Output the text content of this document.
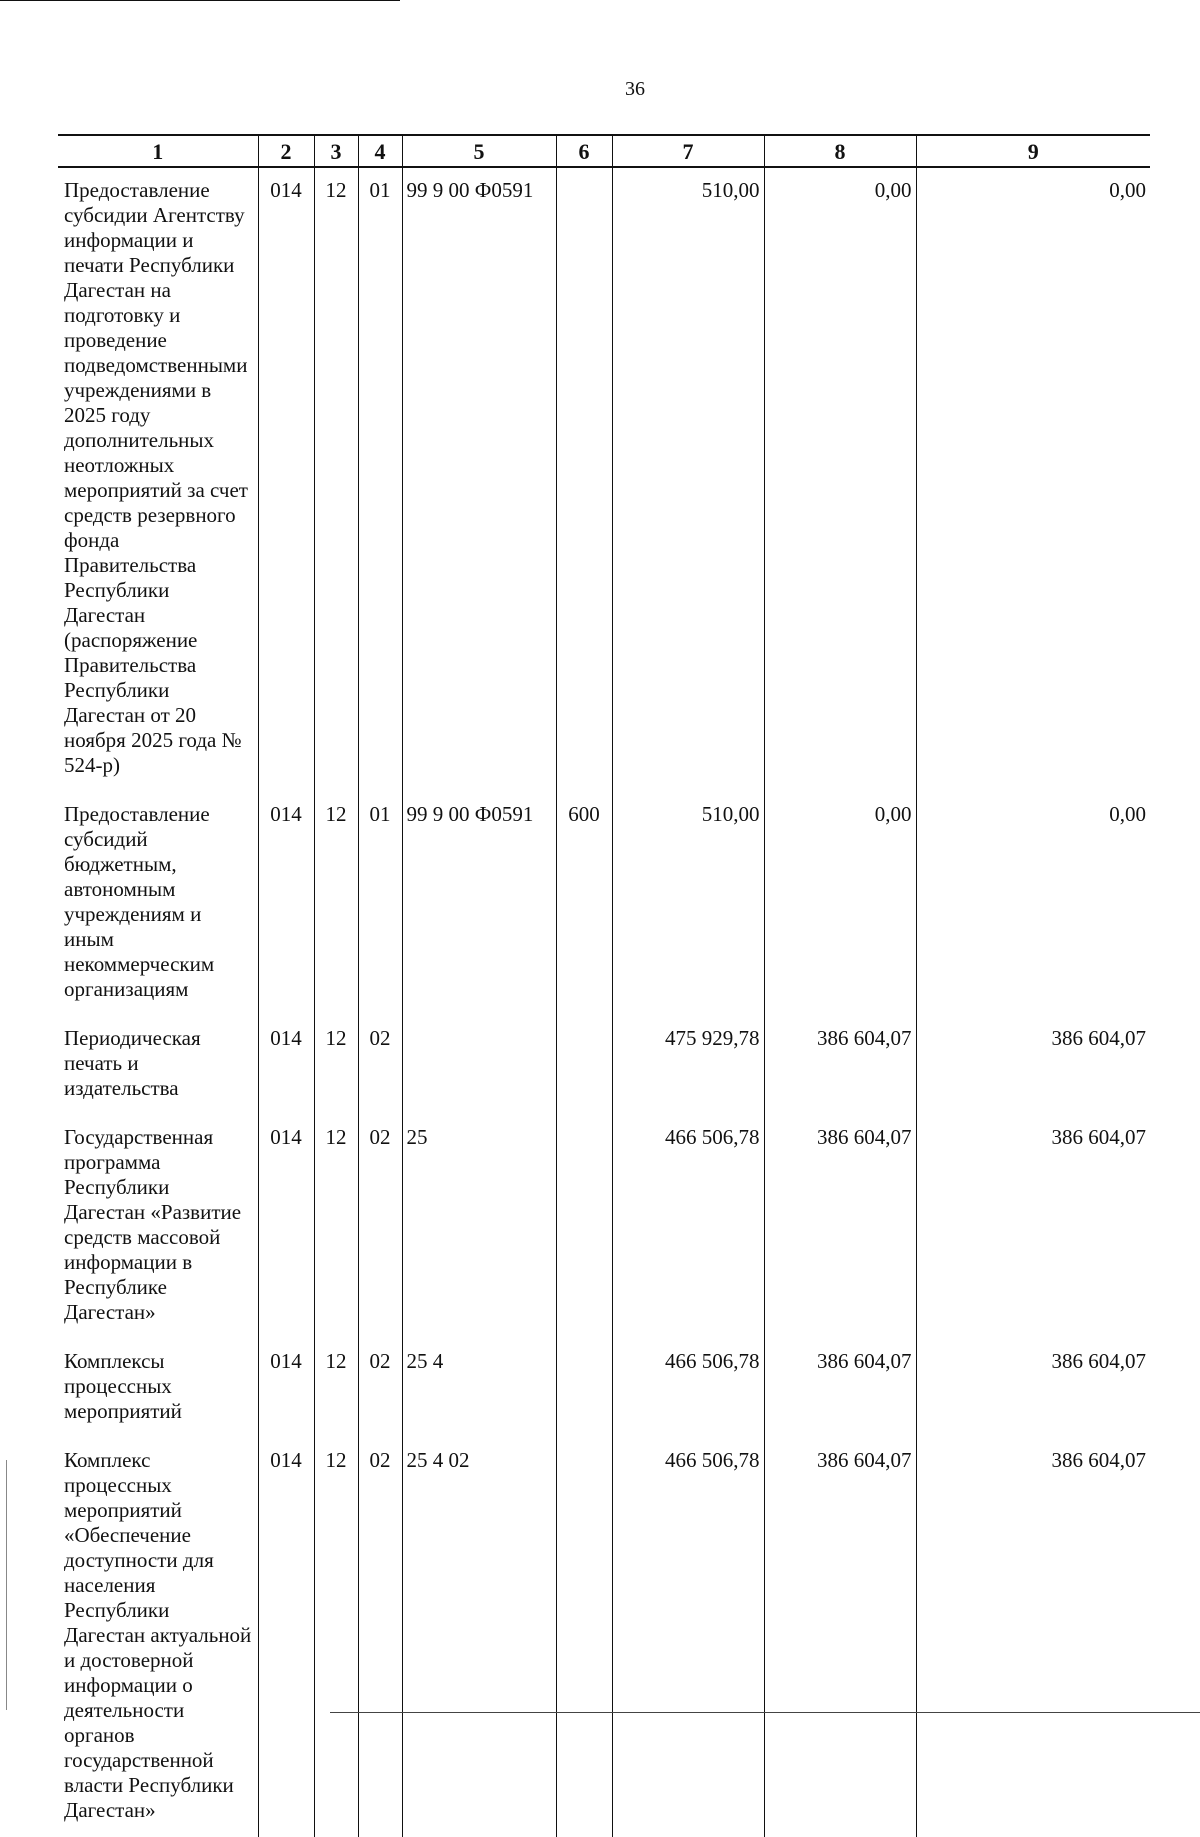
36
1	2	3	4	5	6	7	8	9
Предоставление субсидии Агентству информации и печати Республики Дагестан на подготовку и проведение подведомственными учреждениями в 2025 году дополнительных неотложных мероприятий за счет средств резервного фонда Правительства Республики Дагестан (распоряжение Правительства Республики Дагестан от 20 ноября 2025 года № 524-р)	014	12	01	99 9 00 Ф0591		510,00	0,00	0,00
Предоставление субсидий бюджетным, автономным учреждениям и иным некоммерческим организациям	014	12	01	99 9 00 Ф0591	600	510,00	0,00	0,00
Периодическая печать и издательства	014	12	02			475 929,78	386 604,07	386 604,07
Государственная программа Республики Дагестан «Развитие средств массовой информации в Республике Дагестан»	014	12	02	25		466 506,78	386 604,07	386 604,07
Комплексы процессных мероприятий	014	12	02	25 4		466 506,78	386 604,07	386 604,07
Комплекс процессных мероприятий «Обеспечение доступности для населения Республики Дагестан актуальной и достоверной информации о деятельности органов государственной власти Республики Дагестан»	014	12	02	25 4 02		466 506,78	386 604,07	386 604,07
